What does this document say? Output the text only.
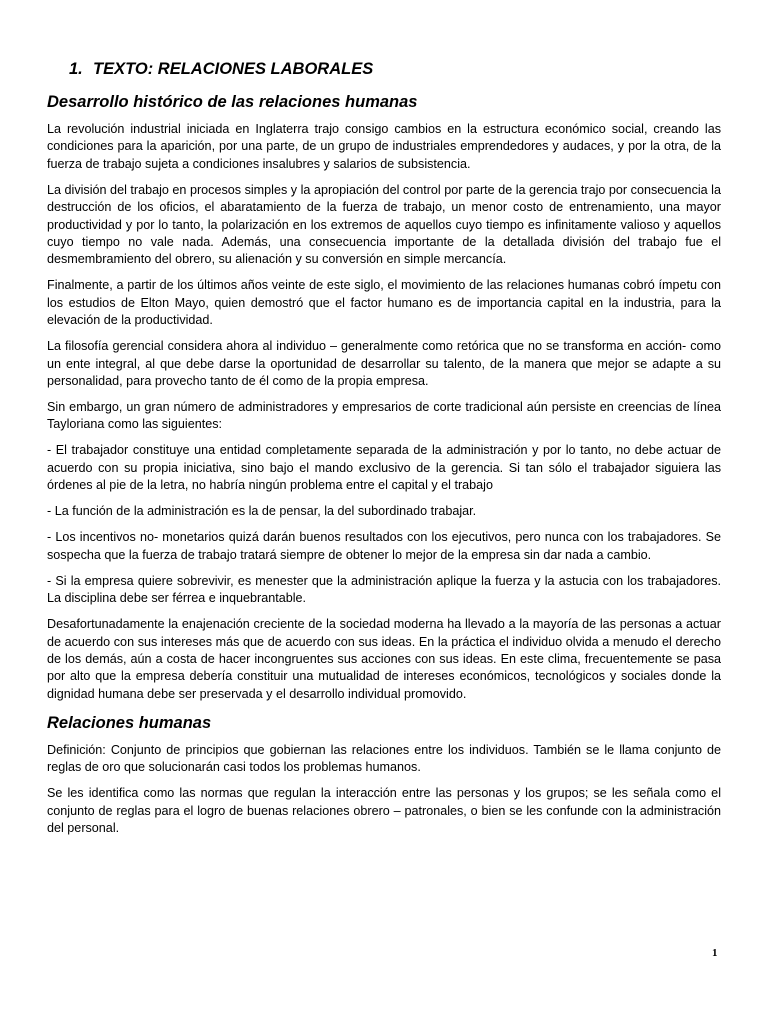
1. TEXTO: RELACIONES LABORALES
Desarrollo histórico de las relaciones humanas

La revolución industrial iniciada en Inglaterra trajo consigo cambios en la estructura económico social, creando las condiciones para la aparición, por una parte, de un grupo de industriales emprendedores y audaces, y por la otra, de la fuerza de trabajo sujeta a condiciones insalubres y salarios de subsistencia.

La división del trabajo en procesos simples y la apropiación del control por parte de la gerencia trajo por consecuencia la destrucción de los oficios, el abaratamiento de la fuerza de trabajo, un menor costo de entrenamiento, una mayor productividad y por lo tanto, la polarización en los extremos de aquellos cuyo tiempo es infinitamente valioso y aquellos cuyo tiempo no vale nada. Además, una consecuencia importante de la detallada división del trabajo fue el desmembramiento del obrero, su alienación y su conversión en simple mercancía.

Finalmente, a partir de los últimos años veinte de este siglo, el movimiento de las relaciones humanas cobró ímpetu con los estudios de Elton Mayo, quien demostró que el factor humano es de importancia capital en la industria, para la elevación de la productividad.

La filosofía gerencial considera ahora al individuo – generalmente como retórica que no se transforma en acción- como un ente integral, al que debe darse la oportunidad de desarrollar su talento, de la manera que mejor se adapte a su personalidad, para provecho tanto de él como de la propia empresa.

Sin embargo, un gran número de administradores y empresarios de corte tradicional aún persiste en creencias de línea Tayloriana como las siguientes:

- El trabajador constituye una entidad completamente separada de la administración y por lo tanto, no debe actuar de acuerdo con su propia iniciativa, sino bajo el mando exclusivo de la gerencia. Si tan sólo el trabajador siguiera las órdenes al pie de la letra, no habría ningún problema entre el capital y el trabajo

- La función de la administración es la de pensar, la del subordinado trabajar.

- Los incentivos no- monetarios quizá darán buenos resultados con los ejecutivos, pero nunca con los trabajadores. Se sospecha que la fuerza de trabajo tratará siempre de obtener lo mejor de la empresa sin dar nada a cambio.

- Si la empresa quiere sobrevivir, es menester que la administración aplique la fuerza y la astucia con los trabajadores. La disciplina debe ser férrea e inquebrantable.

Desafortunadamente la enajenación creciente de la sociedad moderna ha llevado a la mayoría de las personas a actuar de acuerdo con sus intereses más que de acuerdo con sus ideas. En la práctica el individuo olvida a menudo el derecho de los demás, aún a costa de hacer incongruentes sus acciones con sus ideas. En este clima, frecuentemente se pasa por alto que la empresa debería constituir una mutualidad de intereses económicos, tecnológicos y sociales donde la dignidad humana debe ser preservada y el desarrollo individual promovido.

Relaciones humanas

Definición: Conjunto de principios que gobiernan las relaciones entre los individuos. También se le llama conjunto de reglas de oro que solucionarán casi todos los problemas humanos.

Se les identifica como las normas que regulan la interacción entre las personas y los grupos; se les señala como el conjunto de reglas para el logro de buenas relaciones obrero – patronales, o bien se les confunde con la administración del personal.

1
